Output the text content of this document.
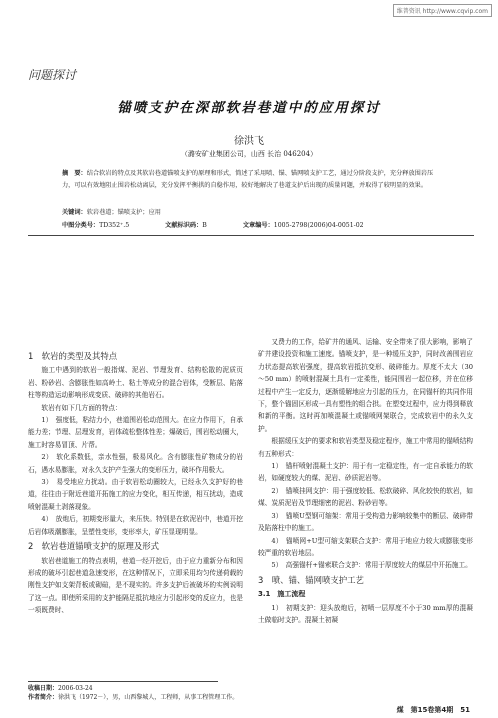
维普资讯 http://www.cqvip.com
问题探讨
锚喷支护在深部软岩巷道中的应用探讨
徐洪飞
（潞安矿业集团公司，山西 长治 046204）
摘　要：结合软岩的特点及其软岩巷道锚喷支护的原理和形式，简述了采用喷、锚、锚网喷支护工艺，通过分阶段支护，充分释放围岩压力，可以有效地阻止围岩松动离层，充分发挥平衡拱的自稳作用，较好地解决了巷道支护后出现的质量问题，并取得了较明显的效果。
关键词：软岩巷道；锚喷支护；应用
中图分类号：TD352⁺.5	文献标识码：B	文章编号：1005-2798(2006)04-0051-02
1　软岩的类型及其特点

施工中遇到的软岩一般指煤、泥岩、节理发育、结构松散的泥质页岩、粉砂岩、含膨胀性如高岭土、粘土等成分的混合岩体，受断层、陷落柱等构造运动影响形成变质、破碎的其他岩石。

软岩有如下几方面的特点：

1）　强度低，粘结力小，巷道围岩松动范围大。在应力作用下，自承能力差；节理、层理发育，岩体疏松整体性差；爆破后，围岩松动圈大，施工时容易冒顶、片帮。

2）　软化系数低，亲水性强，极易风化。含有膨胀性矿物成分的岩石，遇水易膨胀，对永久支护产生强大的变形压力，破坏作用极大。

3）　易受地应力扰动。由于软岩松动圈较大，已经永久支护好的巷道，往往由于附近巷道开拓施工的应力变化，相互传递，相互扰动，造成喷射混凝土剥落现象。

4）　放炮后，初期变形量大，来压快。特别是在软泥岩中，巷道开挖后岩体吸潮膨胀，呈塑性变形，变形率大，矿压显现明显。

2　软岩巷道锚喷支护的原理及形式

软岩巷道施工的特点表明，巷道一经开挖后，由于应力重新分布和因形成的破坏引起巷道急速变形，在这种情况下，立即采用均匀传递荷载的刚性支护如支架背板或砌碹，是不现实的。许多支护后被破坏的实例说明了这一点。即使所采用的支护能隔足抵抗地应力引起形变的反应力，也是一项既费时、

又费力的工作，给矿井的通风、运输、安全带来了很大影响，影响了矿井建设投资和施工速度。锚喷支护，是一种缓压支护，同时改善围岩应力状态提高软岩强度，提高软岩抵抗变形、破碎能力。厚度不太大（30～50 mm）的喷射混凝土具有一定柔性，能同围岩一起位移，并在位移过程中产生一定反力，逐渐缓解地应力引起的压力，在同锚杆的共同作用下，整个锚固区形成一具有塑性的组合拱。在塑变过程中，应力得到释放和新的平衡。这时再加喷混凝土或锚喷网架联合，完成软岩中的永久支护。

根据缓压支护的要求和软岩类型及稳定程序，施工中常用的锚喷结构有五种形式：

1）　锚杆喷射混凝土支护：用于有一定稳定性，有一定自承能力的软岩，如硬度较大的煤、泥岩、砂质泥岩等。

2）　锚喷挂网支护：用于强度较低、松软破碎、风化较快的软岩，如煤、炭质泥岩及节理细密的泥岩、粉砂岩等。

3）　锚喷U型钢可缩架：常用于受构造力影响较集中的断层、破碎带及陷落柱中的施工。

4）　锚喷网+U型可缩支架联合支护：常用于地应力较大或膨胀变形较严重的软岩地层。

5）　高强锚杆+锚索联合支护：常用于厚度较大的煤层中开拓施工。

3　喷、锚、锚网喷支护工艺
3.1　施工流程

1）　初期支护：迎头放炮后，初喷一层厚度不小于30 mm厚的混凝土做临时支护。混凝土初凝

收稿日期：2006-03-24
作者简介：徐洪飞（1972－），男，山西黎城人，工程师，从事工程管理工作。
煤　第15卷第4期　51
